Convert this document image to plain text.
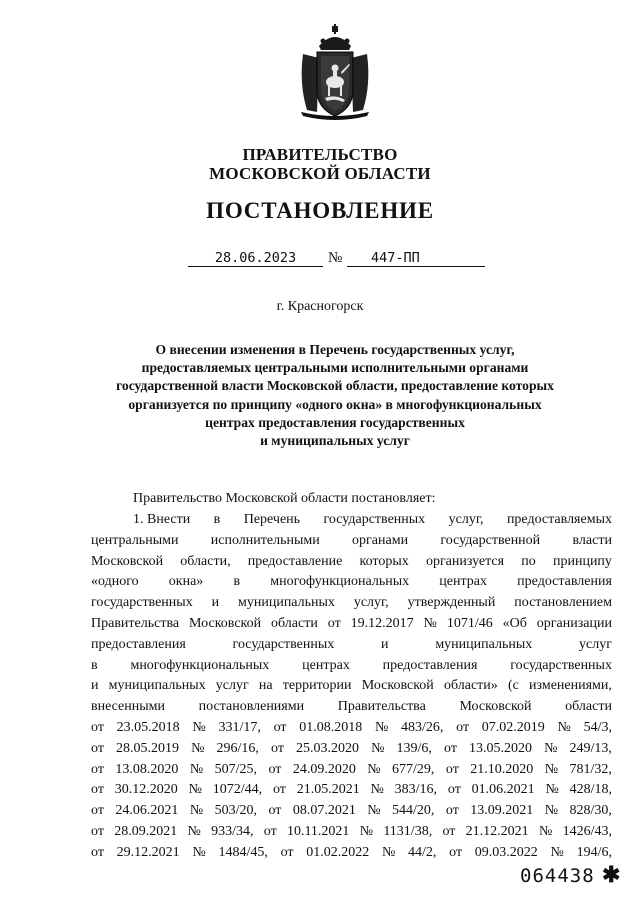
ПРАВИТЕЛЬСТВО
МОСКОВСКОЙ ОБЛАСТИ
ПОСТАНОВЛЕНИЕ
28.06.2023	№	447-ПП
г. Красногорск
О внесении изменения в Перечень государственных услуг,
предоставляемых центральными исполнительными органами
государственной власти Московской области, предоставление которых
организуется по принципу «одного окна» в многофункциональных
центрах предоставления государственных
и муниципальных услуг
Правительство Московской области постановляет:
1. Внести в Перечень государственных услуг, предоставляемых
центральными исполнительными органами государственной власти
Московской области, предоставление которых организуется по принципу
«одного окна» в многофункциональных центрах предоставления
государственных и муниципальных услуг, утвержденный постановлением
Правительства Московской области от 19.12.2017 № 1071/46 «Об организации
предоставления	государственных	и	муниципальных	услуг
в многофункциональных центрах предоставления государственных
и муниципальных услуг на территории Московской области» (с изменениями,
внесенными постановлениями Правительства Московской области
от 23.05.2018 № 331/17, от 01.08.2018 № 483/26, от 07.02.2019 № 54/3,
от 28.05.2019 № 296/16, от 25.03.2020 № 139/6, от 13.05.2020 № 249/13,
от 13.08.2020 № 507/25, от 24.09.2020 № 677/29, от 21.10.2020 № 781/32,
от 30.12.2020 № 1072/44, от 21.05.2021 № 383/16, от 01.06.2021 № 428/18,
от 24.06.2021 № 503/20, от 08.07.2021 № 544/20, от 13.09.2021 № 828/30,
от 28.09.2021 № 933/34, от 10.11.2021 № 1131/38, от 21.12.2021 № 1426/43,
от 29.12.2021 № 1484/45, от 01.02.2022 № 44/2, от 09.03.2022 № 194/6,
064438 ✱
